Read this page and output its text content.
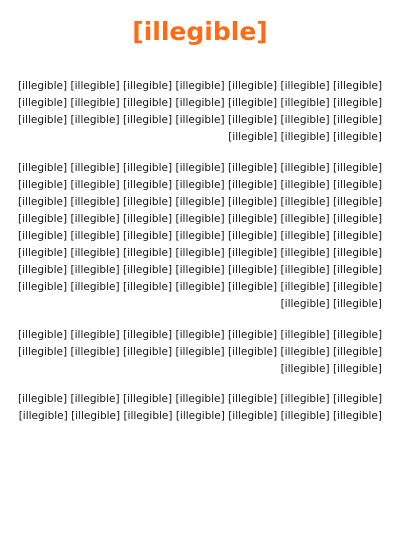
[illegible]

[illegible] [illegible] [illegible] [illegible] [illegible] [illegible] [illegible] [illegible] [illegible] [illegible] [illegible] [illegible] [illegible] [illegible] [illegible] [illegible] [illegible] [illegible] [illegible] [illegible] [illegible] [illegible] [illegible] [illegible]

[illegible] [illegible] [illegible] [illegible] [illegible] [illegible] [illegible] [illegible] [illegible] [illegible] [illegible] [illegible] [illegible] [illegible] [illegible] [illegible] [illegible] [illegible] [illegible] [illegible] [illegible] [illegible] [illegible] [illegible] [illegible] [illegible] [illegible] [illegible] [illegible] [illegible] [illegible] [illegible] [illegible] [illegible] [illegible] [illegible] [illegible] [illegible] [illegible] [illegible] [illegible] [illegible] [illegible] [illegible] [illegible] [illegible] [illegible] [illegible] [illegible] [illegible] [illegible] [illegible] [illegible] [illegible] [illegible] [illegible] [illegible] [illegible]

[illegible] [illegible] [illegible] [illegible] [illegible] [illegible] [illegible] [illegible] [illegible] [illegible] [illegible] [illegible] [illegible] [illegible] [illegible] [illegible]

[illegible] [illegible] [illegible] [illegible] [illegible] [illegible] [illegible] [illegible] [illegible] [illegible] [illegible] [illegible] [illegible] [illegible]
